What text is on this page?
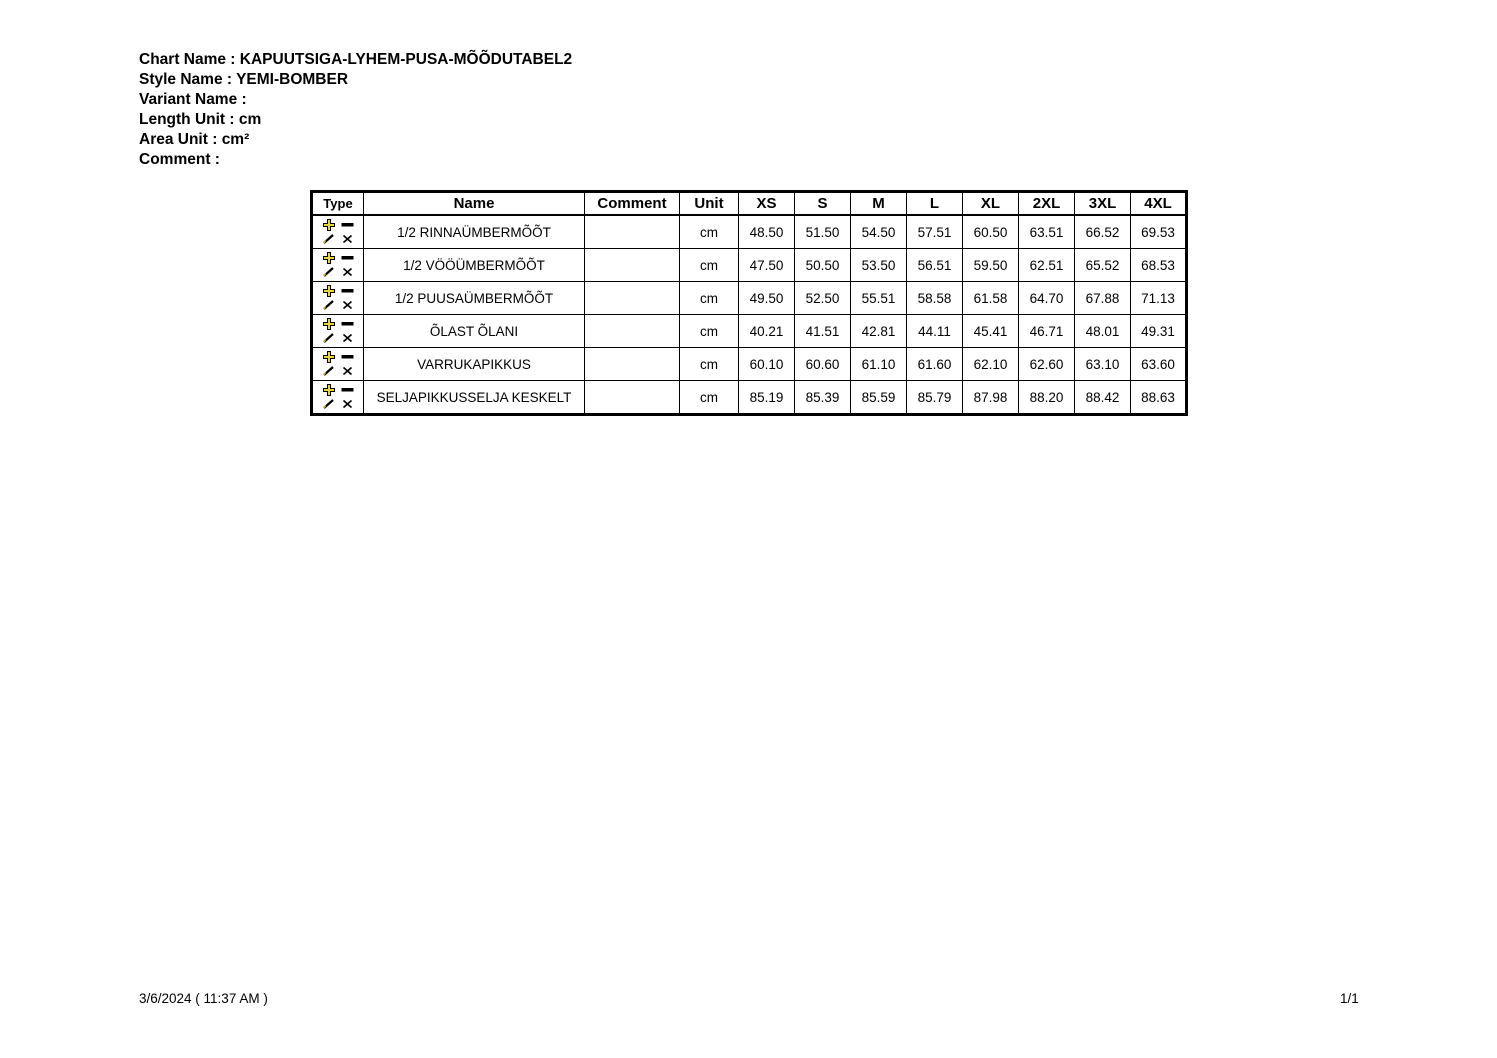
Chart Name : KAPUUTSIGA-LYHEM-PUSA-MÕÕDUTABEL2
Style Name : YEMI-BOMBER
Variant Name :
Length Unit : cm
Area Unit : cm²
Comment :
Type	Name	Comment	Unit	XS	S	M	L	XL	2XL	3XL	4XL

	1/2 RINNAÜMBERMÕÕT		cm	48.50	51.50	54.50	57.51	60.50	63.51	66.52	69.53

	1/2 VÖÖÜMBERMÕÕT		cm	47.50	50.50	53.50	56.51	59.50	62.51	65.52	68.53

	1/2 PUUSAÜMBERMÕÕT		cm	49.50	52.50	55.51	58.58	61.58	64.70	67.88	71.13

	ÕLAST ÕLANI		cm	40.21	41.51	42.81	44.11	45.41	46.71	48.01	49.31

	VARRUKAPIKKUS		cm	60.10	60.60	61.10	61.60	62.10	62.60	63.10	63.60

	SELJAPIKKUSSELJA KESKELT		cm	85.19	85.39	85.59	85.79	87.98	88.20	88.42	88.63
3/6/2024 ( 11:37 AM )	1/1
